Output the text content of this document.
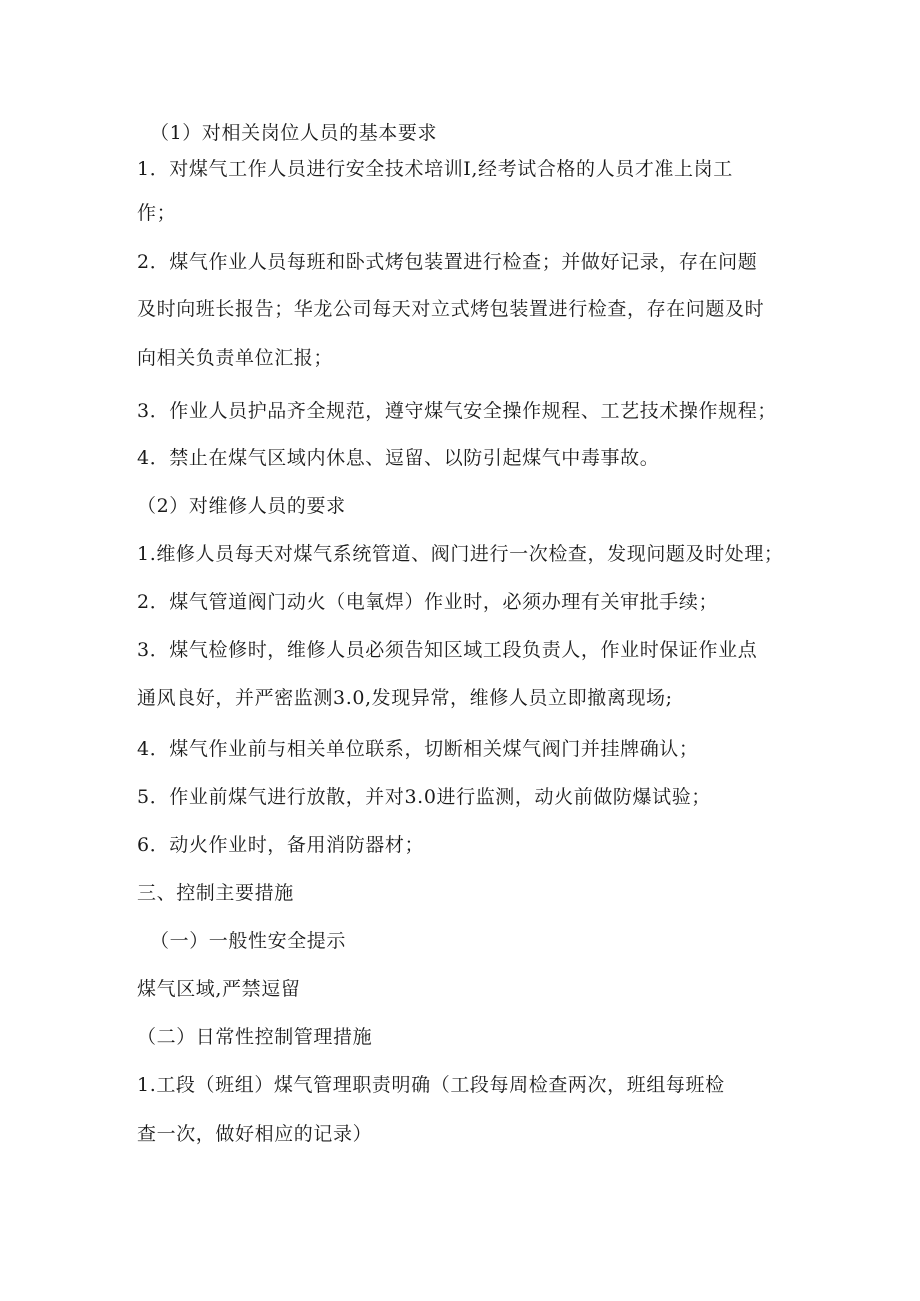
（1）对相关岗位人员的基本要求
1．对煤气工作人员进行安全技术培训I,经考试合格的人员才准上岗工
作；
2．煤气作业人员每班和卧式烤包装置进行检查；并做好记录，存在问题
及时向班长报告；华龙公司每天对立式烤包装置进行检查，存在问题及时
向相关负责单位汇报；
3．作业人员护品齐全规范，遵守煤气安全操作规程、工艺技术操作规程；
4．禁止在煤气区域内休息、逗留、以防引起煤气中毒事故。
（2）对维修人员的要求
1.维修人员每天对煤气系统管道、阀门进行一次检查，发现问题及时处理；
2．煤气管道阀门动火（电氧焊）作业时，必须办理有关审批手续；
3．煤气检修时，维修人员必须告知区域工段负责人，作业时保证作业点
通风良好，并严密监测3.0,发现异常，维修人员立即撤离现场;
4．煤气作业前与相关单位联系，切断相关煤气阀门并挂牌确认；
5．作业前煤气进行放散，并对3.0进行监测，动火前做防爆试验；
6．动火作业时，备用消防器材；
三、控制主要措施
（一）一般性安全提示
煤气区域,严禁逗留
（二）日常性控制管理措施
1.工段（班组）煤气管理职责明确（工段每周检查两次，班组每班检
查一次，做好相应的记录）
